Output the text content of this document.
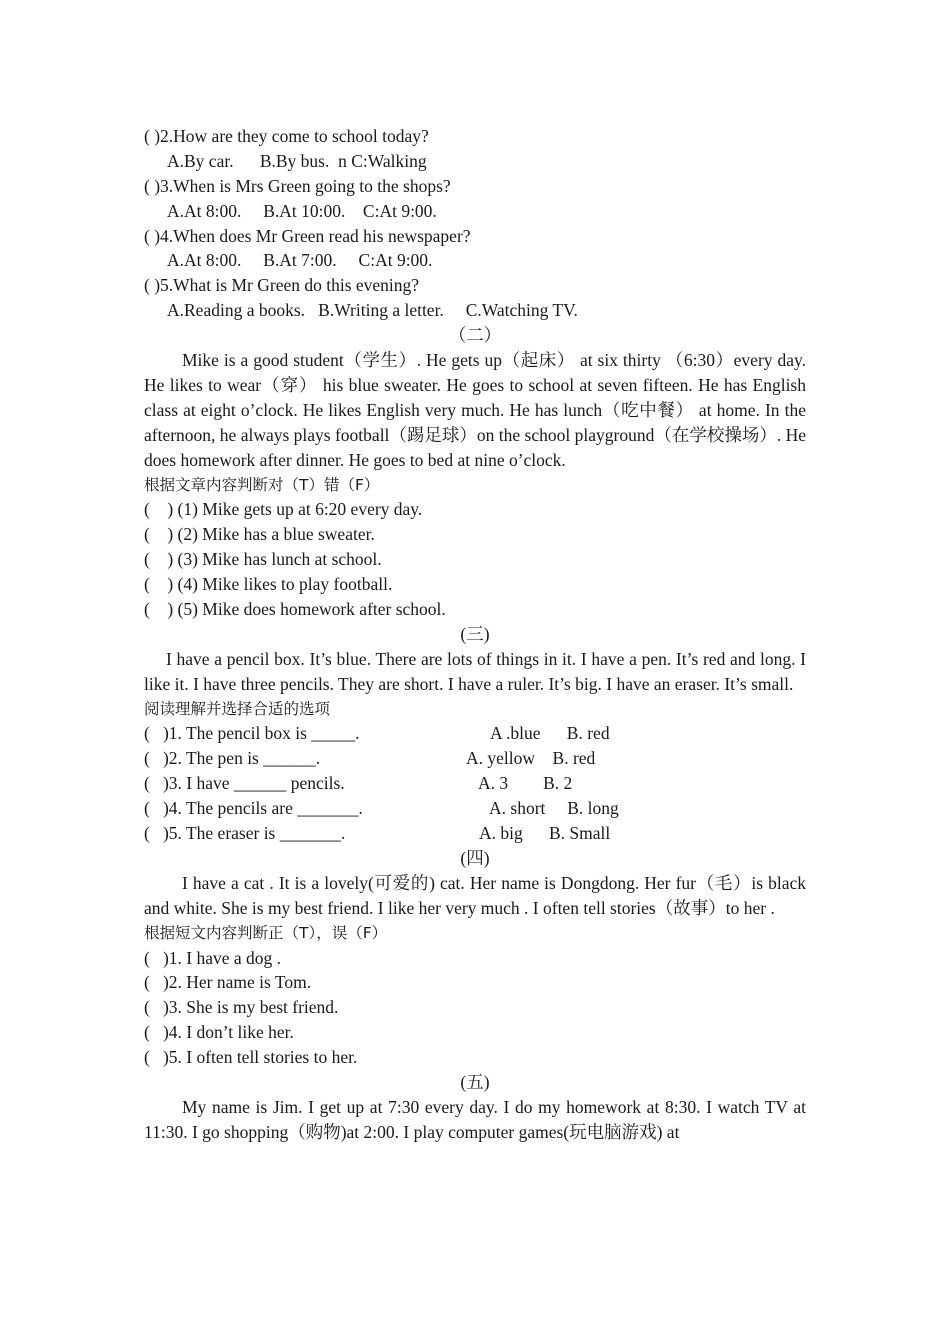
( )2.How are they come to school today?
A.By car.      B.By bus.  n C:Walking
( )3.When is Mrs Green going to the shops?
A.At 8:00.     B.At 10:00.    C:At 9:00.
( )4.When does Mr Green read his newspaper?
A.At 8:00.     B.At 7:00.     C:At 9:00.
( )5.What is Mr Green do this evening?
A.Reading a books.   B.Writing a letter.     C.Watching TV.
（二）
Mike is a good student（学生）. He gets up（起床） at six thirty （6:30）every day. He likes to wear（穿） his blue sweater. He goes to school at seven fifteen. He has English class at eight o’clock. He likes English very much. He has lunch（吃中餐） at home. In the afternoon, he always plays football（踢足球）on the school playground（在学校操场）. He does homework after dinner. He goes to bed at nine o’clock.
根据文章内容判断对（T）错（F）
(    ) (1) Mike gets up at 6:20 every day.
(    ) (2) Mike has a blue sweater.
(    ) (3) Mike has lunch at school.
(    ) (4) Mike likes to play football.
(    ) (5) Mike does homework after school.
(三)
I have a pencil box. It’s blue. There are lots of things in it. I have a pen. It’s red and long. I like it. I have three pencils. They are short. I have a ruler. It’s big. I have an eraser. It’s small.
阅读理解并选择合适的选项
(   )1. The pencil box is _____.	A .blue      B. red
(   )2. The pen is ______.	A. yellow    B. red
(   )3. I have ______ pencils.	A. 3        B. 2
(   )4. The pencils are _______.	A. short     B. long
(   )5. The eraser is _______.	A. big      B. Small
(四)
I have a cat . It is a lovely(可爱的) cat. Her name is Dongdong. Her fur（毛）is black and white. She is my best friend. I like her very much . I often tell stories（故事）to her .
根据短文内容判断正（T），误（F）
(   )1. I have a dog .
(   )2. Her name is Tom.
(   )3. She is my best friend.
(   )4. I don’t like her.
(   )5. I often tell stories to her.
(五)
My name is Jim. I get up at 7:30 every day. I do my homework at 8:30. I watch TV at 11:30. I go shopping（购物)at 2:00. I play computer games(玩电脑游戏) at
